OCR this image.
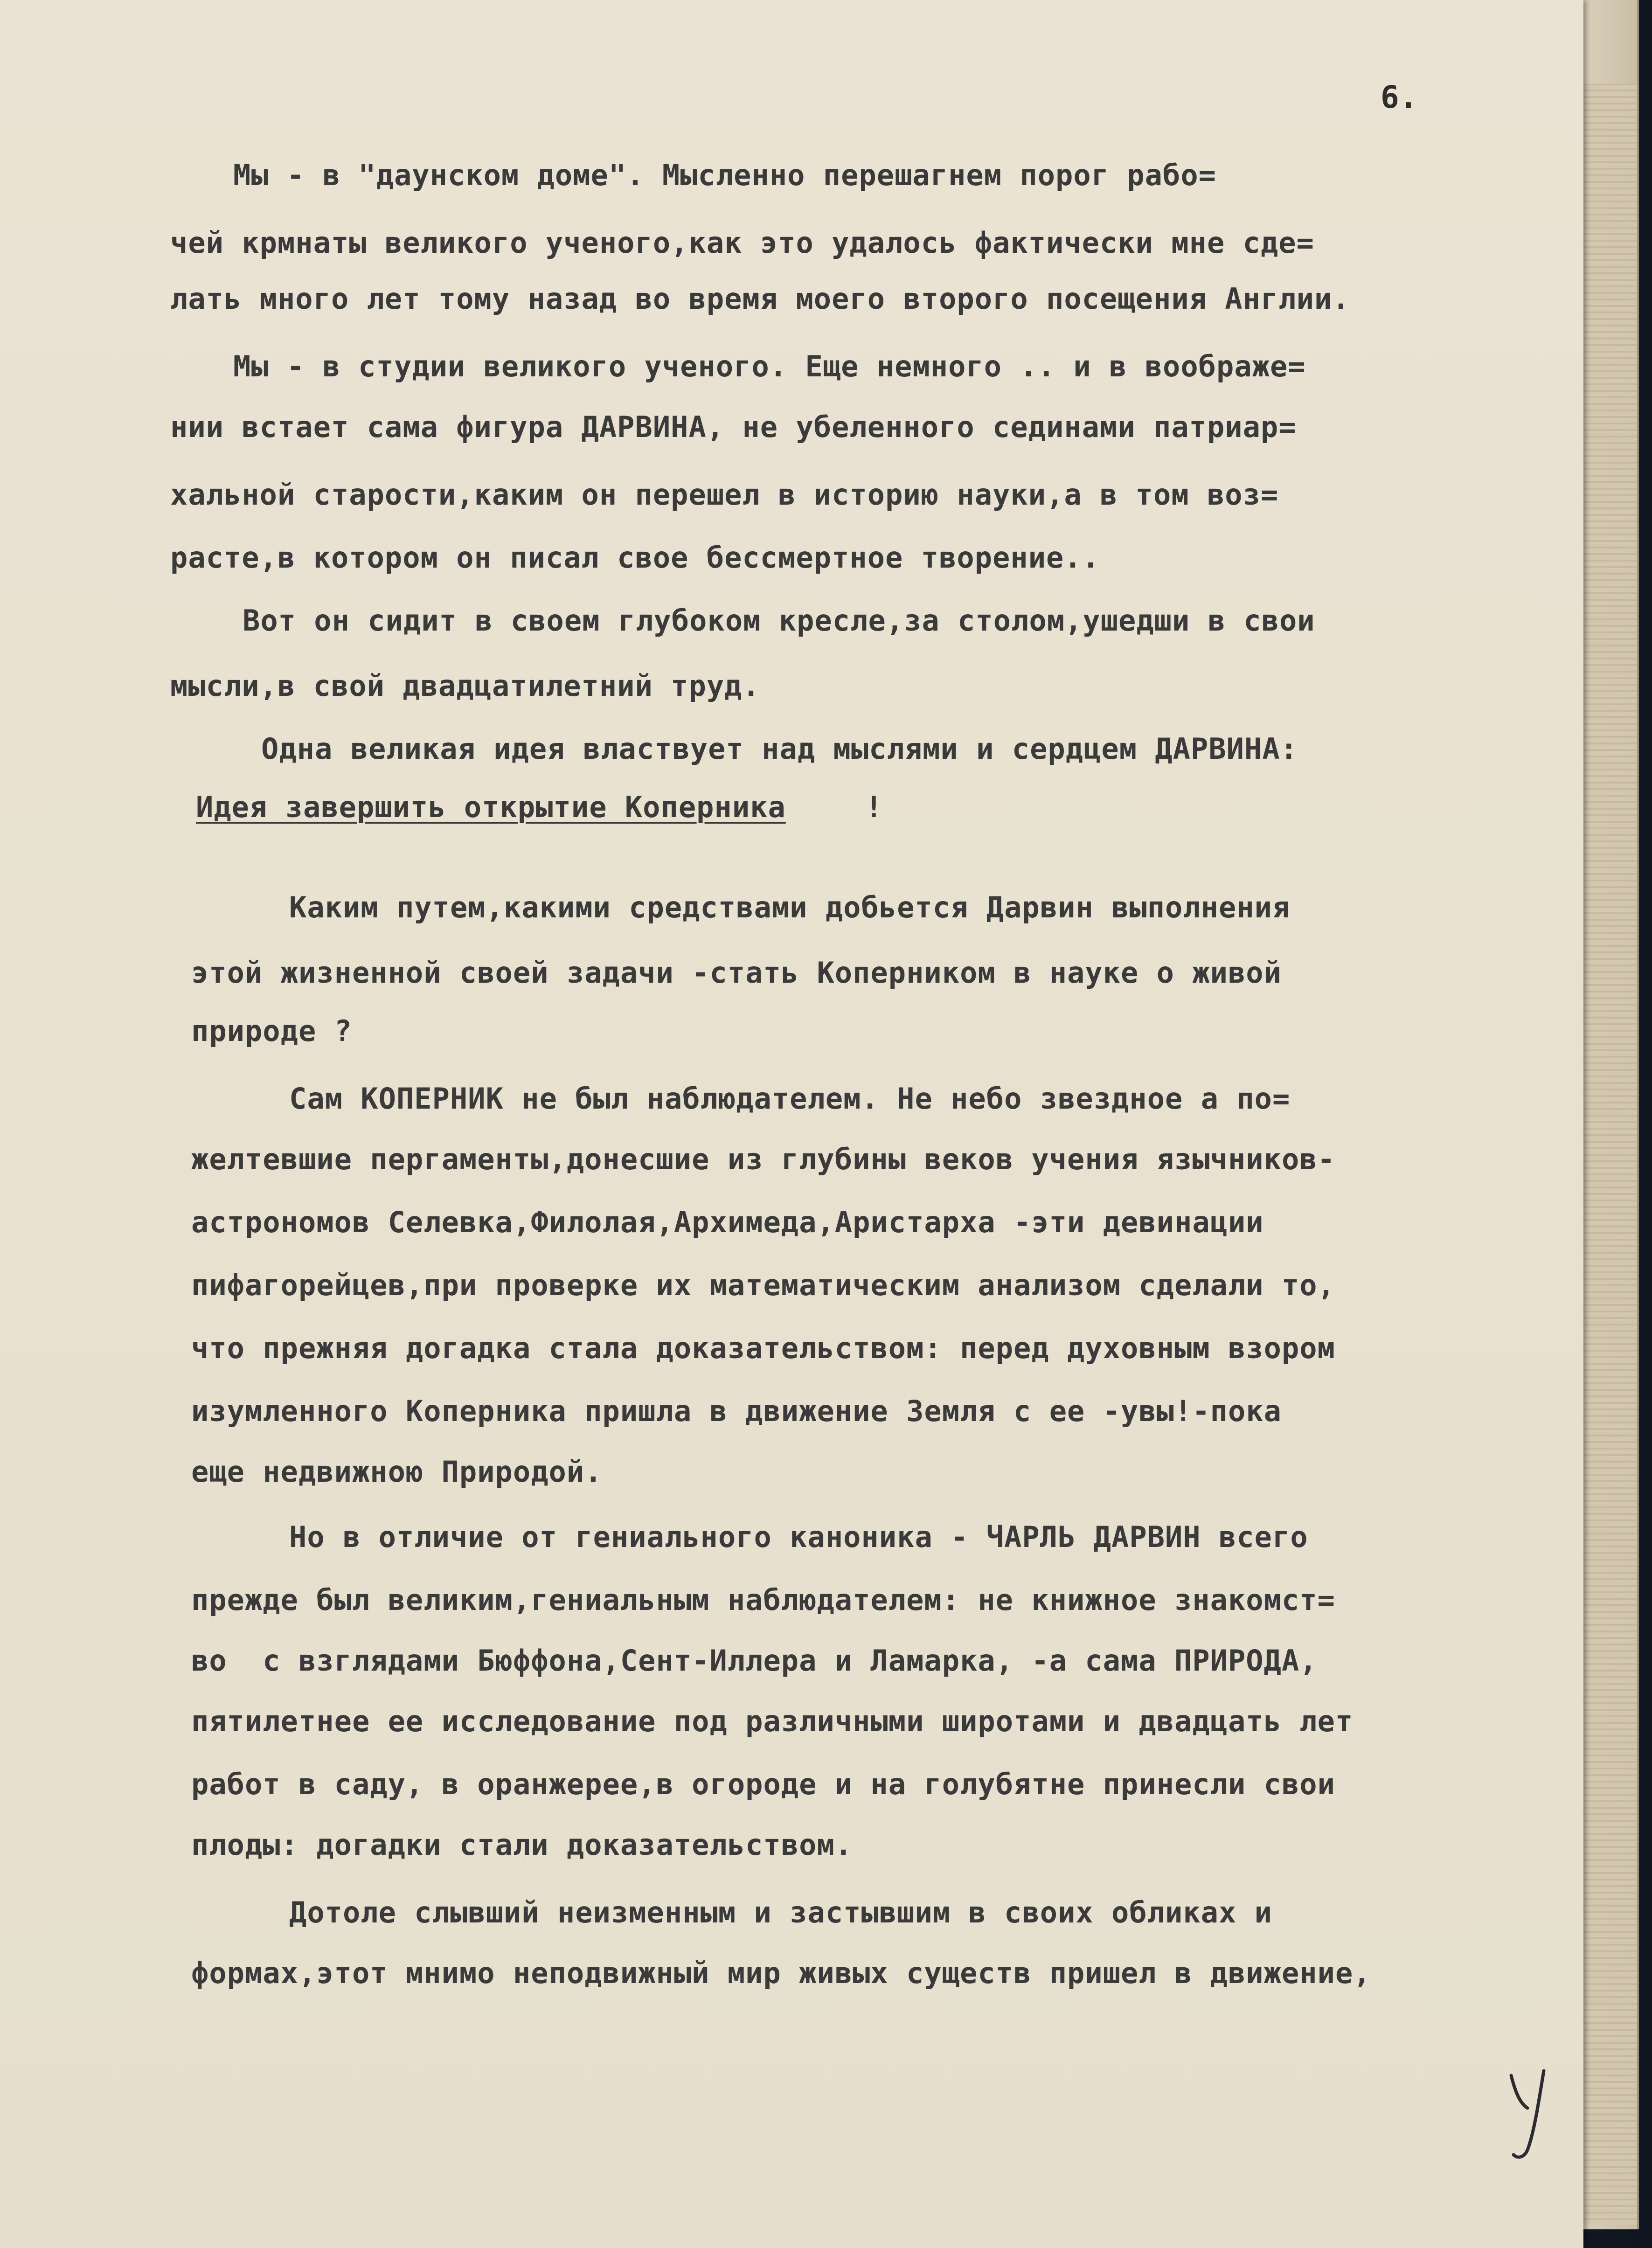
6.
Мы - в "даунском доме". Мысленно перешагнем порог рабо=
чей крмнаты великого ученого,как это удалось фактически мне сде=
лать много лет тому назад во время моего второго посещения Англии.
Мы - в студии великого ученого. Еще немного .. и в воображе=
нии встает сама фигура ДАРВИНА, не убеленного сединами патриар=
хальной старости,каким он перешел в историю науки,а в том воз=
расте,в котором он писал свое бессмертное творение..
Вот он сидит в своем глубоком кресле,за столом,ушедши в свои
мысли,в свой двадцатилетний труд.
Одна великая идея властвует над мыслями и сердцем ДАРВИНА:
Идея завершить открытие Коперника	!
Каким путем,какими средствами добьется Дарвин выполнения
этой жизненной своей задачи -стать Коперником в науке о живой
природе ?
Сам КОПЕРНИК не был наблюдателем. Не небо звездное а по=
желтевшие пергаменты,донесшие из глубины веков учения язычников-
астрономов Селевка,Филолая,Архимеда,Аристарха -эти девинации
пифагорейцев,при проверке их математическим анализом сделали то,
что прежняя догадка стала доказательством: перед духовным взором
изумленного Коперника пришла в движение Земля с ее -увы!-пока
еще недвижною Природой.
Но в отличие от гениального каноника - ЧАРЛЬ ДАРВИН всего
прежде был великим,гениальным наблюдателем: не книжное знакомст=
во  с взглядами Бюффона,Сент-Иллера и Ламарка, -а сама ПРИРОДА,
пятилетнее ее исследование под различными широтами и двадцать лет
работ в саду, в оранжерее,в огороде и на голубятне принесли свои
плоды: догадки стали доказательством.
Дотоле слывший неизменным и застывшим в своих обликах и
формах,этот мнимо неподвижный мир живых существ пришел в движение,
